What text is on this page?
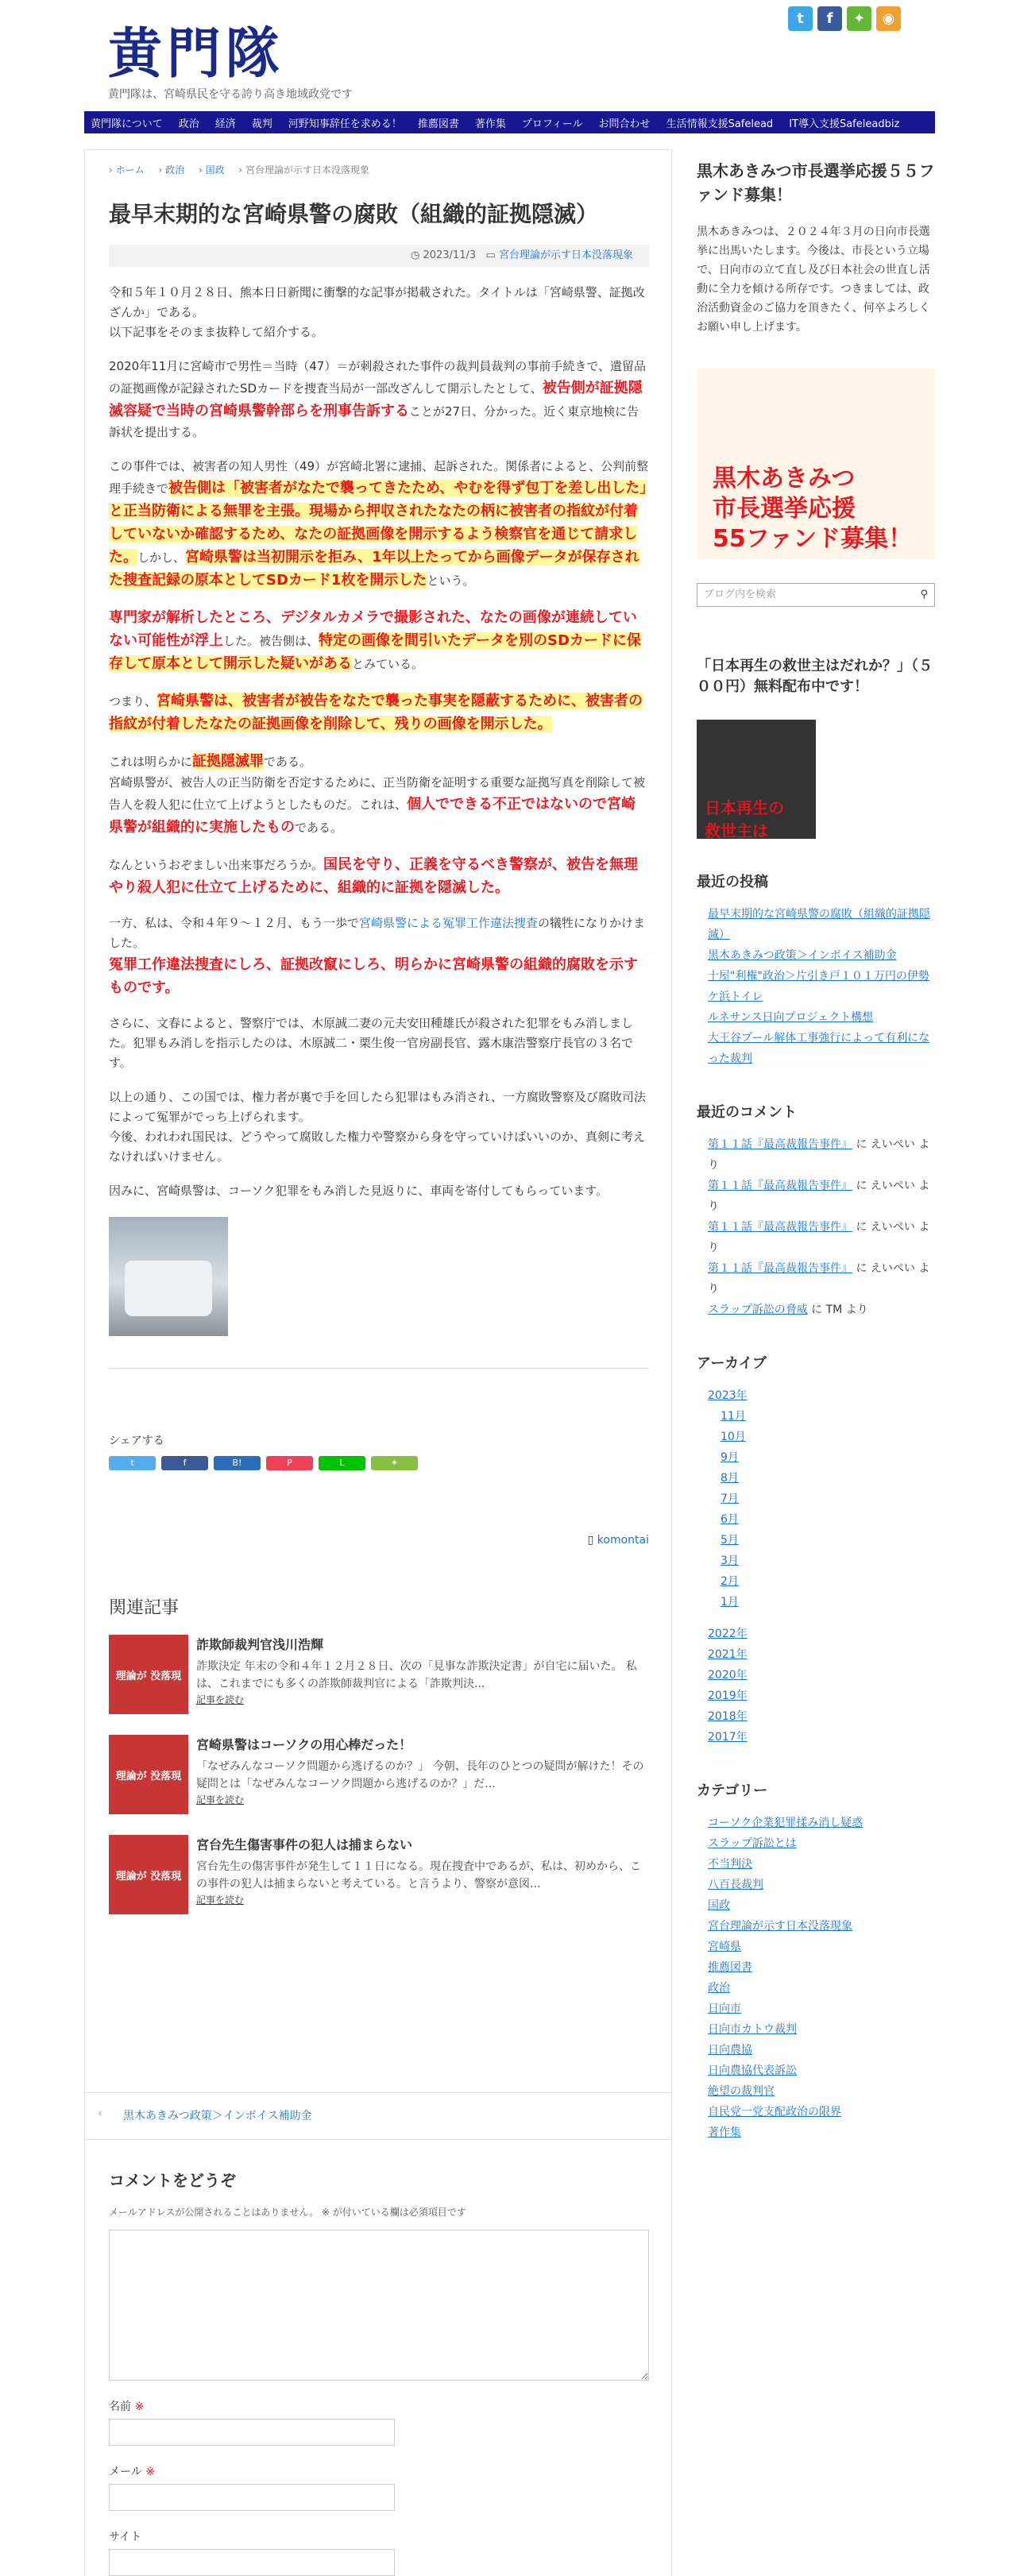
黄門隊
黄門隊は、宮崎県民を守る誇り高き地域政党です
t	f	✦	◉
黄門隊について 政治 経済 裁判 河野知事辞任を求める！ 推薦図書 著作集 プロフィール お問合わせ 生活情報支援Safelead IT導入支援Safeleadbiz
› ホーム › 政治 › 国政 › 宮台理論が示す日本没落現象
最早末期的な宮崎県警の腐敗（組織的証拠隠滅）
◷ 2023/11/3 ▭ 宮台理論が示す日本没落現象

令和５年１０月２８日、熊本日日新聞に衝撃的な記事が掲載された。タイトルは「宮崎県警、証拠改ざんか」である。
以下記事をそのまま抜粋して紹介する。

2020年11月に宮崎市で男性＝当時（47）＝が刺殺された事件の裁判員裁判の事前手続きで、遺留品の証拠画像が記録されたSDカードを捜査当局が一部改ざんして開示したとして、被告側が証拠隠滅容疑で当時の宮崎県警幹部らを刑事告訴することが27日、分かった。近く東京地検に告訴状を提出する。

この事件では、被害者の知人男性（49）が宮崎北署に逮捕、起訴された。関係者によると、公判前整理手続きで被告側は「被害者がなたで襲ってきたため、やむを得ず包丁を差し出した」と正当防衛による無罪を主張。現場から押収されたなたの柄に被害者の指紋が付着していないか確認するため、なたの証拠画像を開示するよう検察官を通じて請求した。しかし、宮崎県警は当初開示を拒み、1年以上たってから画像データが保存された捜査記録の原本としてSDカード1枚を開示したという。

専門家が解析したところ、デジタルカメラで撮影された、なたの画像が連続していない可能性が浮上した。被告側は、特定の画像を間引いたデータを別のSDカードに保存して原本として開示した疑いがあるとみている。

つまり、宮崎県警は、被害者が被告をなたで襲った事実を隠蔽するために、被害者の指紋が付着したなたの証拠画像を削除して、残りの画像を開示した。

これは明らかに証拠隠滅罪である。
宮崎県警が、被告人の正当防衛を否定するために、正当防衛を証明する重要な証拠写真を削除して被告人を殺人犯に仕立て上げようとしたものだ。これは、個人でできる不正ではないので宮崎県警が組織的に実施したものである。

なんというおぞましい出来事だろうか。国民を守り、正義を守るべき警察が、被告を無理やり殺人犯に仕立て上げるために、組織的に証拠を隠滅した。

一方、私は、令和４年９～１２月、もう一歩で宮崎県警による冤罪工作違法捜査の犠牲になりかけました。
冤罪工作違法捜査にしろ、証拠改竄にしろ、明らかに宮崎県警の組織的腐敗を示すものです。

さらに、文春によると、警察庁では、木原誠二妻の元夫安田種雄氏が殺された犯罪をもみ消しました。犯罪もみ消しを指示したのは、木原誠二・栗生俊一官房副長官、露木康浩警察庁長官の３名です。

以上の通り、この国では、権力者が裏で手を回したら犯罪はもみ消され、一方腐敗警察及び腐敗司法によって冤罪がでっち上げられます。
今後、われわれ国民は、どうやって腐敗した権力や警察から身を守っていけばいいのか、真剣に考えなければいけません。

因みに、宮崎県警は、コーソク犯罪をもみ消した見返りに、車両を寄付してもらっています。

シェアする
t	f	B!	P	L	✦
▯ komontai
関連記事
理論が 没落現
詐欺師裁判官浅川浩輝
詐欺決定 年末の令和４年１２月２８日、次の「見事な詐欺決定書」が自宅に届いた。 私は、これまでにも多くの詐欺師裁判官による「詐欺判決...
記事を読む
理論が 没落現
宮崎県警はコーソクの用心棒だった！
「なぜみんなコーソク問題から逃げるのか？」 今朝、長年のひとつの疑問が解けた！その疑問とは「なぜみんなコーソク問題から逃げるのか？」だ...
記事を読む
理論が 没落現
宮台先生傷害事件の犯人は捕まらない
宮台先生の傷害事件が発生して１１日になる。現在捜査中であるが、私は、初めから、この事件の犯人は捕まらないと考えている。と言うより、警察が意図...
記事を読む
‹ 黒木あきみつ政策＞インボイス補助金
コメントをどうぞ
メールアドレスが公開されることはありません。 ※ が付いている欄は必須項目です
名前 ※
メール ※
サイト
黒木あきみつ市長選挙応援５５ファンド募集！

黒木あきみつは、２０２４年３月の日向市長選挙に出馬いたします。今後は、市長という立場で、日向市の立て直し及び日本社会の世直し活動に全力を傾ける所存です。つきましては、政治活動資金のご協力を頂きたく、何卒よろしくお願い申し上げます。

黒木あきみつ
市長選挙応援
55ファンド募集！
ブログ内を検索	⚲
「日本再生の救世主はだれか？」（５００円）無料配布中です！
日本再生の
救世主は
最近の投稿
最早末期的な宮崎県警の腐敗（組織的証拠隠滅）
黒木あきみつ政策＞インボイス補助金
十屋"利権"政治＞片引き戸１０１万円の伊勢ケ浜トイレ
ルネサンス日向プロジェクト構想
大王谷プール解体工事強行によって有利になった裁判
最近のコメント
第１１話『最高裁報告事件』 に えいぺい より
第１１話『最高裁報告事件』 に えいぺい より
第１１話『最高裁報告事件』 に えいぺい より
第１１話『最高裁報告事件』 に えいぺい より
スラップ訴訟の脅威 に TM より
アーカイブ
2023年
11月
10月
9月
8月
7月
6月
5月
3月
2月
1月
2022年
2021年
2020年
2019年
2018年
2017年
カテゴリー
コーソク企業犯罪揉み消し疑惑
スラップ訴訟とは
不当判決
八百長裁判
国政
宮台理論が示す日本没落現象
宮崎県
推薦図書
政治
日向市
日向市カトウ裁判
日向農協
日向農協代表訴訟
絶望の裁判官
自民党一党支配政治の限界
著作集
